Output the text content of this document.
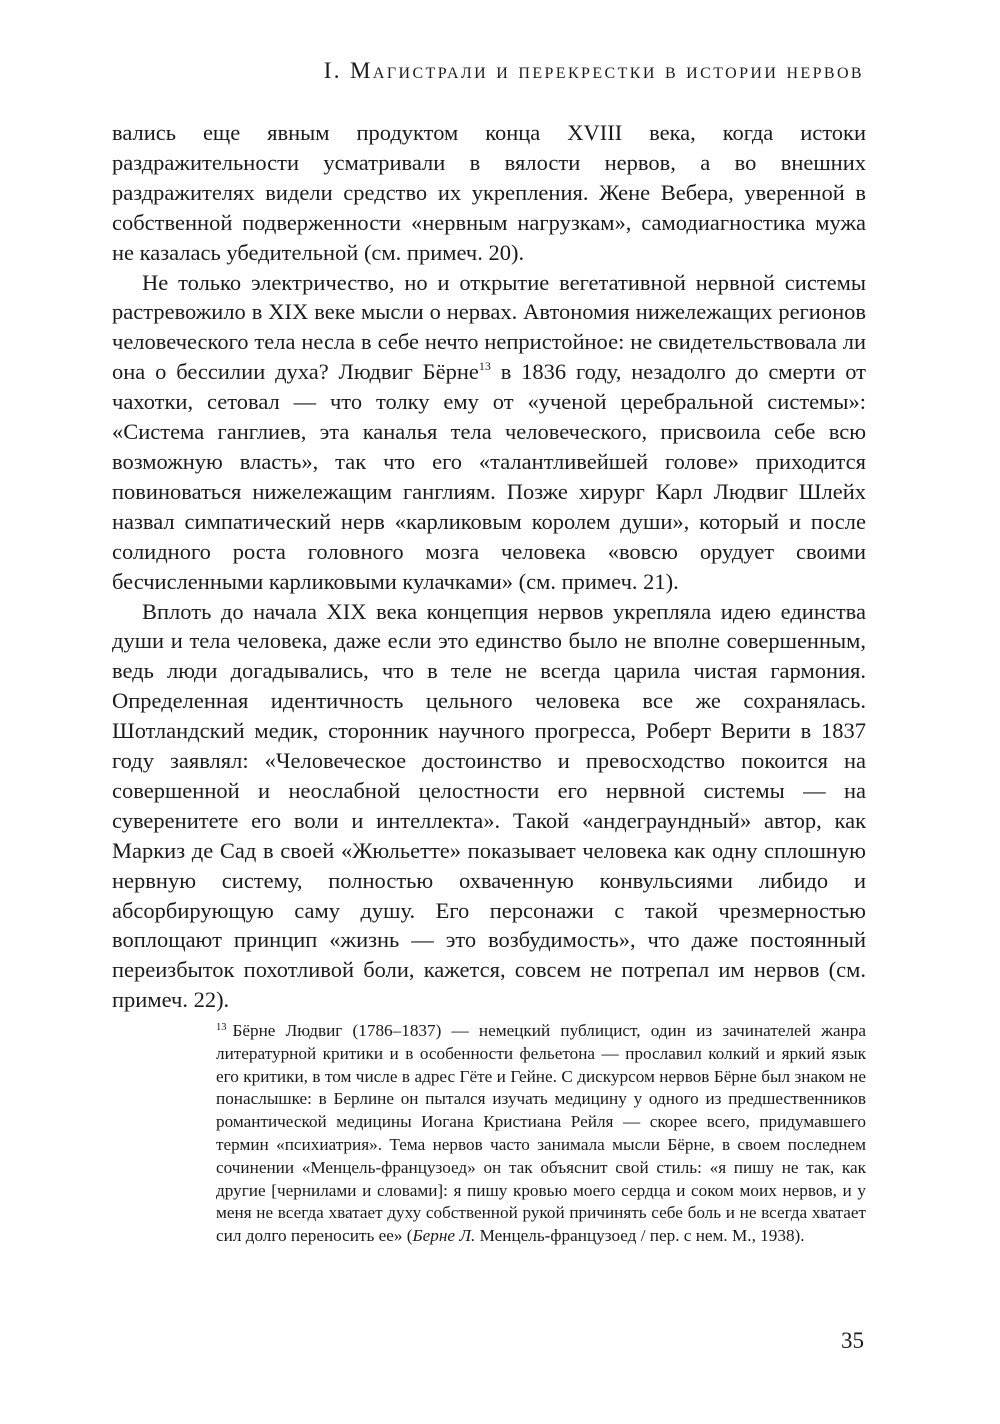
I. Магистрали и перекрестки в истории нервов

вались еще явным продуктом конца XVIII века, когда истоки раздражительности усматривали в вялости нервов, а во внешних раздражителях видели средство их укрепления. Жене Вебера, уверенной в собственной подверженности «нервным нагрузкам», самодиагностика мужа не казалась убедительной (см. примеч. 20).

Не только электричество, но и открытие вегетативной нервной системы растревожило в XIX веке мысли о нервах. Автономия нижележащих регионов человеческого тела несла в себе нечто непристойное: не свидетельствовала ли она о бессилии духа? Людвиг Бёрне$^{13}$ в 1836 году, незадолго до смерти от чахотки, сетовал — что толку ему от «ученой церебральной системы»: «Система ганглиев, эта каналья тела человеческого, присвоила себе всю возможную власть», так что его «талантливейшей голове» приходится повиноваться нижележащим ганглиям. Позже хирург Карл Людвиг Шлейх назвал симпатический нерв «карликовым королем души», который и после солидного роста головного мозга человека «вовсю орудует своими бесчисленными карликовыми кулачками» (см. примеч. 21).

Вплоть до начала XIX века концепция нервов укрепляла идею единства души и тела человека, даже если это единство было не вполне совершенным, ведь люди догадывались, что в теле не всегда царила чистая гармония. Определенная идентичность цельного человека все же сохранялась. Шотландский медик, сторонник научного прогресса, Роберт Верити в 1837 году заявлял: «Человеческое достоинство и превосходство покоится на совершенной и неослабной целостности его нервной системы — на суверенитете его воли и интеллекта». Такой «андеграундный» автор, как Маркиз де Сад в своей «Жюльетте» показывает человека как одну сплошную нервную систему, полностью охваченную конвульсиями либидо и абсорбирующую саму душу. Его персонажи с такой чрезмерностью воплощают принцип «жизнь — это возбудимость», что даже постоянный переизбыток похотливой боли, кажется, совсем не потрепал им нервов (см. примеч. 22).

$^{13}$ Бёрне Людвиг (1786–1837) — немецкий публицист, один из зачинателей жанра литературной критики и в особенности фельетона — прославил колкий и яркий язык его критики, в том числе в адрес Гёте и Гейне. С дискурсом нервов Бёрне был знаком не понаслышке: в Берлине он пытался изучать медицину у одного из предшественников романтической медицины Иогана Кристиана Рейля — скорее всего, придумавшего термин «психиатрия». Тема нервов часто занимала мысли Бёрне, в своем последнем сочинении «Менцель-французоед» он так объяснит свой стиль: «я пишу не так, как другие [чернилами и словами]: я пишу кровью моего сердца и соком моих нервов, и у меня не всегда хватает духу собственной рукой причинять себе боль и не всегда хватает сил долго переносить ее» (Берне Л. Менцель-французоед / пер. с нем. М., 1938).

35
